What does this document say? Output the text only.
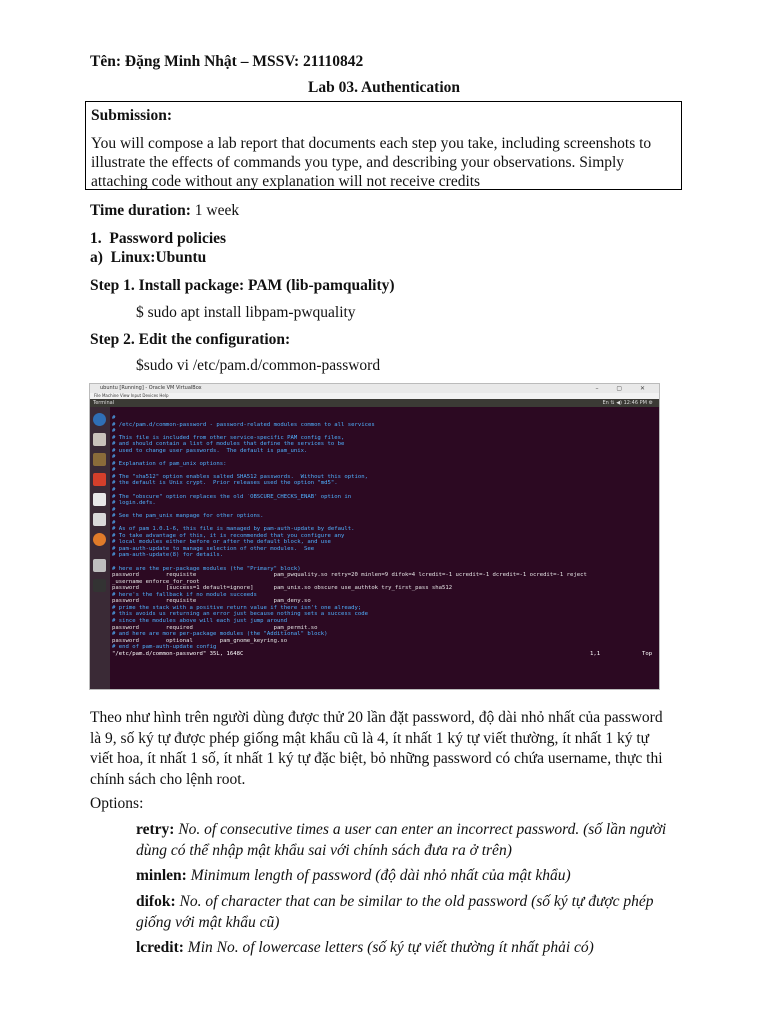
Tên: Đặng Minh Nhật – MSSV: 21110842
Lab 03. Authentication
Submission:
You will compose a lab report that documents each step you take, including screenshots to illustrate the effects of commands you type, and describing your observations. Simply attaching code without any explanation will not receive credits
Time duration: 1 week
1.  Password policies
a)  Linux:Ubuntu
Step 1. Install package: PAM (lib-pamquality)
$ sudo apt install libpam-pwquality
Step 2. Edit the configuration:
$sudo vi /etc/pam.d/common-password
ubuntu [Running] - Oracle VM VirtualBox	– ▢ ✕
File Machine View Input Devices Help
Terminal	En ⇅ ◀) 12:46 PM ⚙
#
# /etc/pam.d/common-password - password-related modules common to all services
#
# This file is included from other service-specific PAM config files,
# and should contain a list of modules that define the services to be
# used to change user passwords.  The default is pam_unix.
#
# Explanation of pam_unix options:
#
# The "sha512" option enables salted SHA512 passwords.  Without this option,
# the default is Unix crypt.  Prior releases used the option "md5".
#
# The "obscure" option replaces the old `OBSCURE_CHECKS_ENAB' option in
# login.defs.
#
# See the pam_unix manpage for other options.
#
# As of pam 1.0.1-6, this file is managed by pam-auth-update by default.
# To take advantage of this, it is recommended that you configure any
# local modules either before or after the default block, and use
# pam-auth-update to manage selection of other modules.  See
# pam-auth-update(8) for details.
# here are the per-package modules (the "Primary" block)
password        requisite                       pam_pwquality.so retry=20 minlen=9 difok=4 lcredit=-1 ucredit=-1 dcredit=-1 ocredit=-1 reject
_username enforce_for_root
password        [success=1 default=ignore]      pam_unix.so obscure use_authtok try_first_pass sha512
# here's the fallback if no module succeeds
password        requisite                       pam_deny.so
# prime the stack with a positive return value if there isn't one already;
# this avoids us returning an error just because nothing sets a success code
# since the modules above will each just jump around
password        required                        pam_permit.so
# and here are more per-package modules (the "Additional" block)
password        optional        pam_gnome_keyring.so
# end of pam-auth-update config
"/etc/pam.d/common-password" 35L, 1648C	1,1	Top
Theo như hình trên người dùng được thử 20 lần đặt password, độ dài nhỏ nhất của password là 9, số ký tự được phép giống mật khẩu cũ là 4, ít nhất 1 ký tự viết thường, ít nhất 1 ký tự viết hoa, ít nhất 1 số, ít nhất 1 ký tự đặc biệt, bỏ những password có chứa username, thực thi chính sách cho lệnh root.
Options:
retry: No. of consecutive times a user can enter an incorrect password. (số lần người dùng có thể nhập mật khẩu sai với chính sách đưa ra ở trên)
minlen: Minimum length of password (độ dài nhỏ nhất của mật khẩu)
difok: No. of character that can be similar to the old password (số ký tự được phép giống với mật khẩu cũ)
lcredit: Min No. of lowercase letters (số ký tự viết thường ít nhất phải có)
